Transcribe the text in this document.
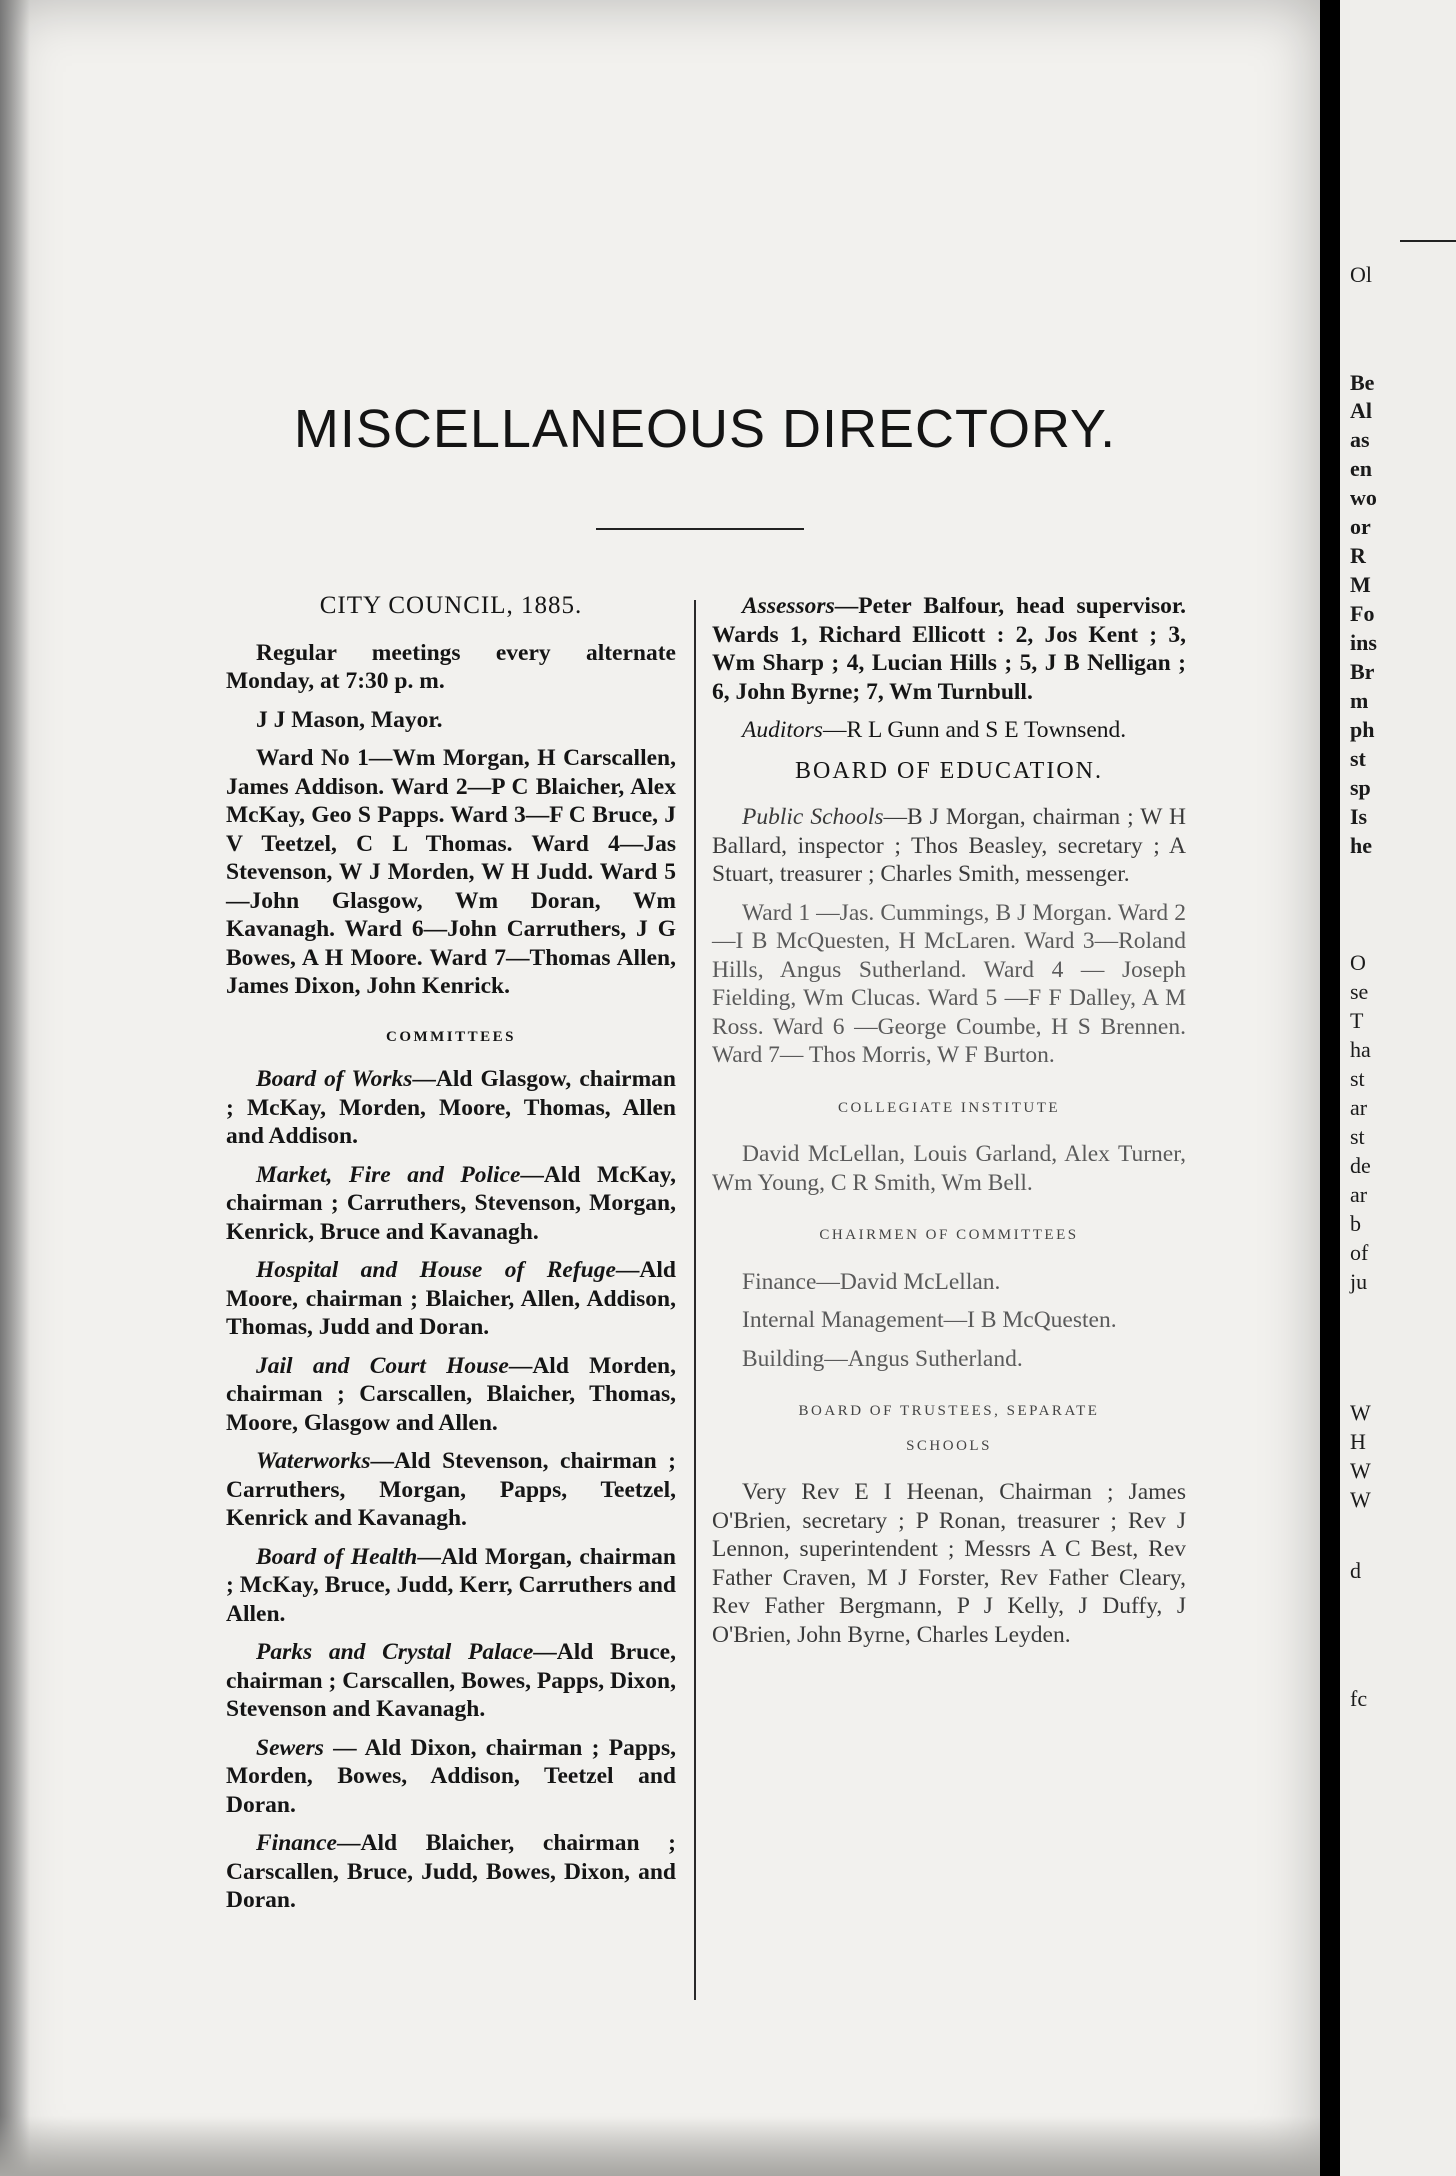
MISCELLANEOUS DIRECTORY.
CITY COUNCIL, 1885.

Regular meetings every alternate Monday, at 7:30 p. m.

J J Mason, Mayor.

Ward No 1—Wm Morgan, H Carscallen, James Addison. Ward 2—P C Blaicher, Alex McKay, Geo S Papps. Ward 3—F C Bruce, J V Teetzel, C L Thomas. Ward 4—Jas Stevenson, W J Morden, W H Judd. Ward 5—John Glasgow, Wm Doran, Wm Kavanagh. Ward 6—John Carruthers, J G Bowes, A H Moore. Ward 7—Thomas Allen, James Dixon, John Kenrick.

COMMITTEES

Board of Works—Ald Glasgow, chairman ; McKay, Morden, Moore, Thomas, Allen and Addison.

Market, Fire and Police—Ald McKay, chairman ; Carruthers, Stevenson, Morgan, Kenrick, Bruce and Kavanagh.

Hospital and House of Refuge—Ald Moore, chairman ; Blaicher, Allen, Addison, Thomas, Judd and Doran.

Jail and Court House—Ald Morden, chairman ; Carscallen, Blaicher, Thomas, Moore, Glasgow and Allen.

Waterworks—Ald Stevenson, chairman ; Carruthers, Morgan, Papps, Teetzel, Kenrick and Kavanagh.

Board of Health—Ald Morgan, chairman ; McKay, Bruce, Judd, Kerr, Carruthers and Allen.

Parks and Crystal Palace—Ald Bruce, chairman ; Carscallen, Bowes, Papps, Dixon, Stevenson and Kavanagh.

Sewers — Ald Dixon, chairman ; Papps, Morden, Bowes, Addison, Teetzel and Doran.

Finance—Ald Blaicher, chairman ; Carscallen, Bruce, Judd, Bowes, Dixon, and Doran.

Assessors—Peter Balfour, head supervisor. Wards 1, Richard Ellicott : 2, Jos Kent ; 3, Wm Sharp ; 4, Lucian Hills ; 5, J B Nelligan ; 6, John Byrne; 7, Wm Turnbull.

Auditors—R L Gunn and S E Townsend.

BOARD OF EDUCATION.

Public Schools—B J Morgan, chairman ; W H Ballard, inspector ; Thos Beasley, secretary ; A Stuart, treasurer ; Charles Smith, messenger.

Ward 1 —Jas. Cummings, B J Morgan. Ward 2—I B McQuesten, H McLaren. Ward 3—Roland Hills, Angus Sutherland. Ward 4 — Joseph Fielding, Wm Clucas. Ward 5 —F F Dalley, A M Ross. Ward 6 —George Coumbe, H S Brennen. Ward 7— Thos Morris, W F Burton.

COLLEGIATE INSTITUTE

David McLellan, Louis Garland, Alex Turner, Wm Young, C R Smith, Wm Bell.

CHAIRMEN OF COMMITTEES

Finance—David McLellan.

Internal Management—I B McQuesten.

Building—Angus Sutherland.

BOARD OF TRUSTEES, SEPARATE
SCHOOLS

Very Rev E I Heenan, Chairman ; James O'Brien, secretary ; P Ronan, treasurer ; Rev J Lennon, superintendent ; Messrs A C Best, Rev Father Craven, M J Forster, Rev Father Cleary, Rev Father Bergmann, P J Kelly, J Duffy, J O'Brien, John Byrne, Charles Leyden.

Ol
Be
Al
as
en
wo
or
R
M
Fo
ins
Br
m
ph
st
sp
Is
he
O
se
T
ha
st
ar
st
de
ar
b
of
ju
W
H
W
W
d
fc
